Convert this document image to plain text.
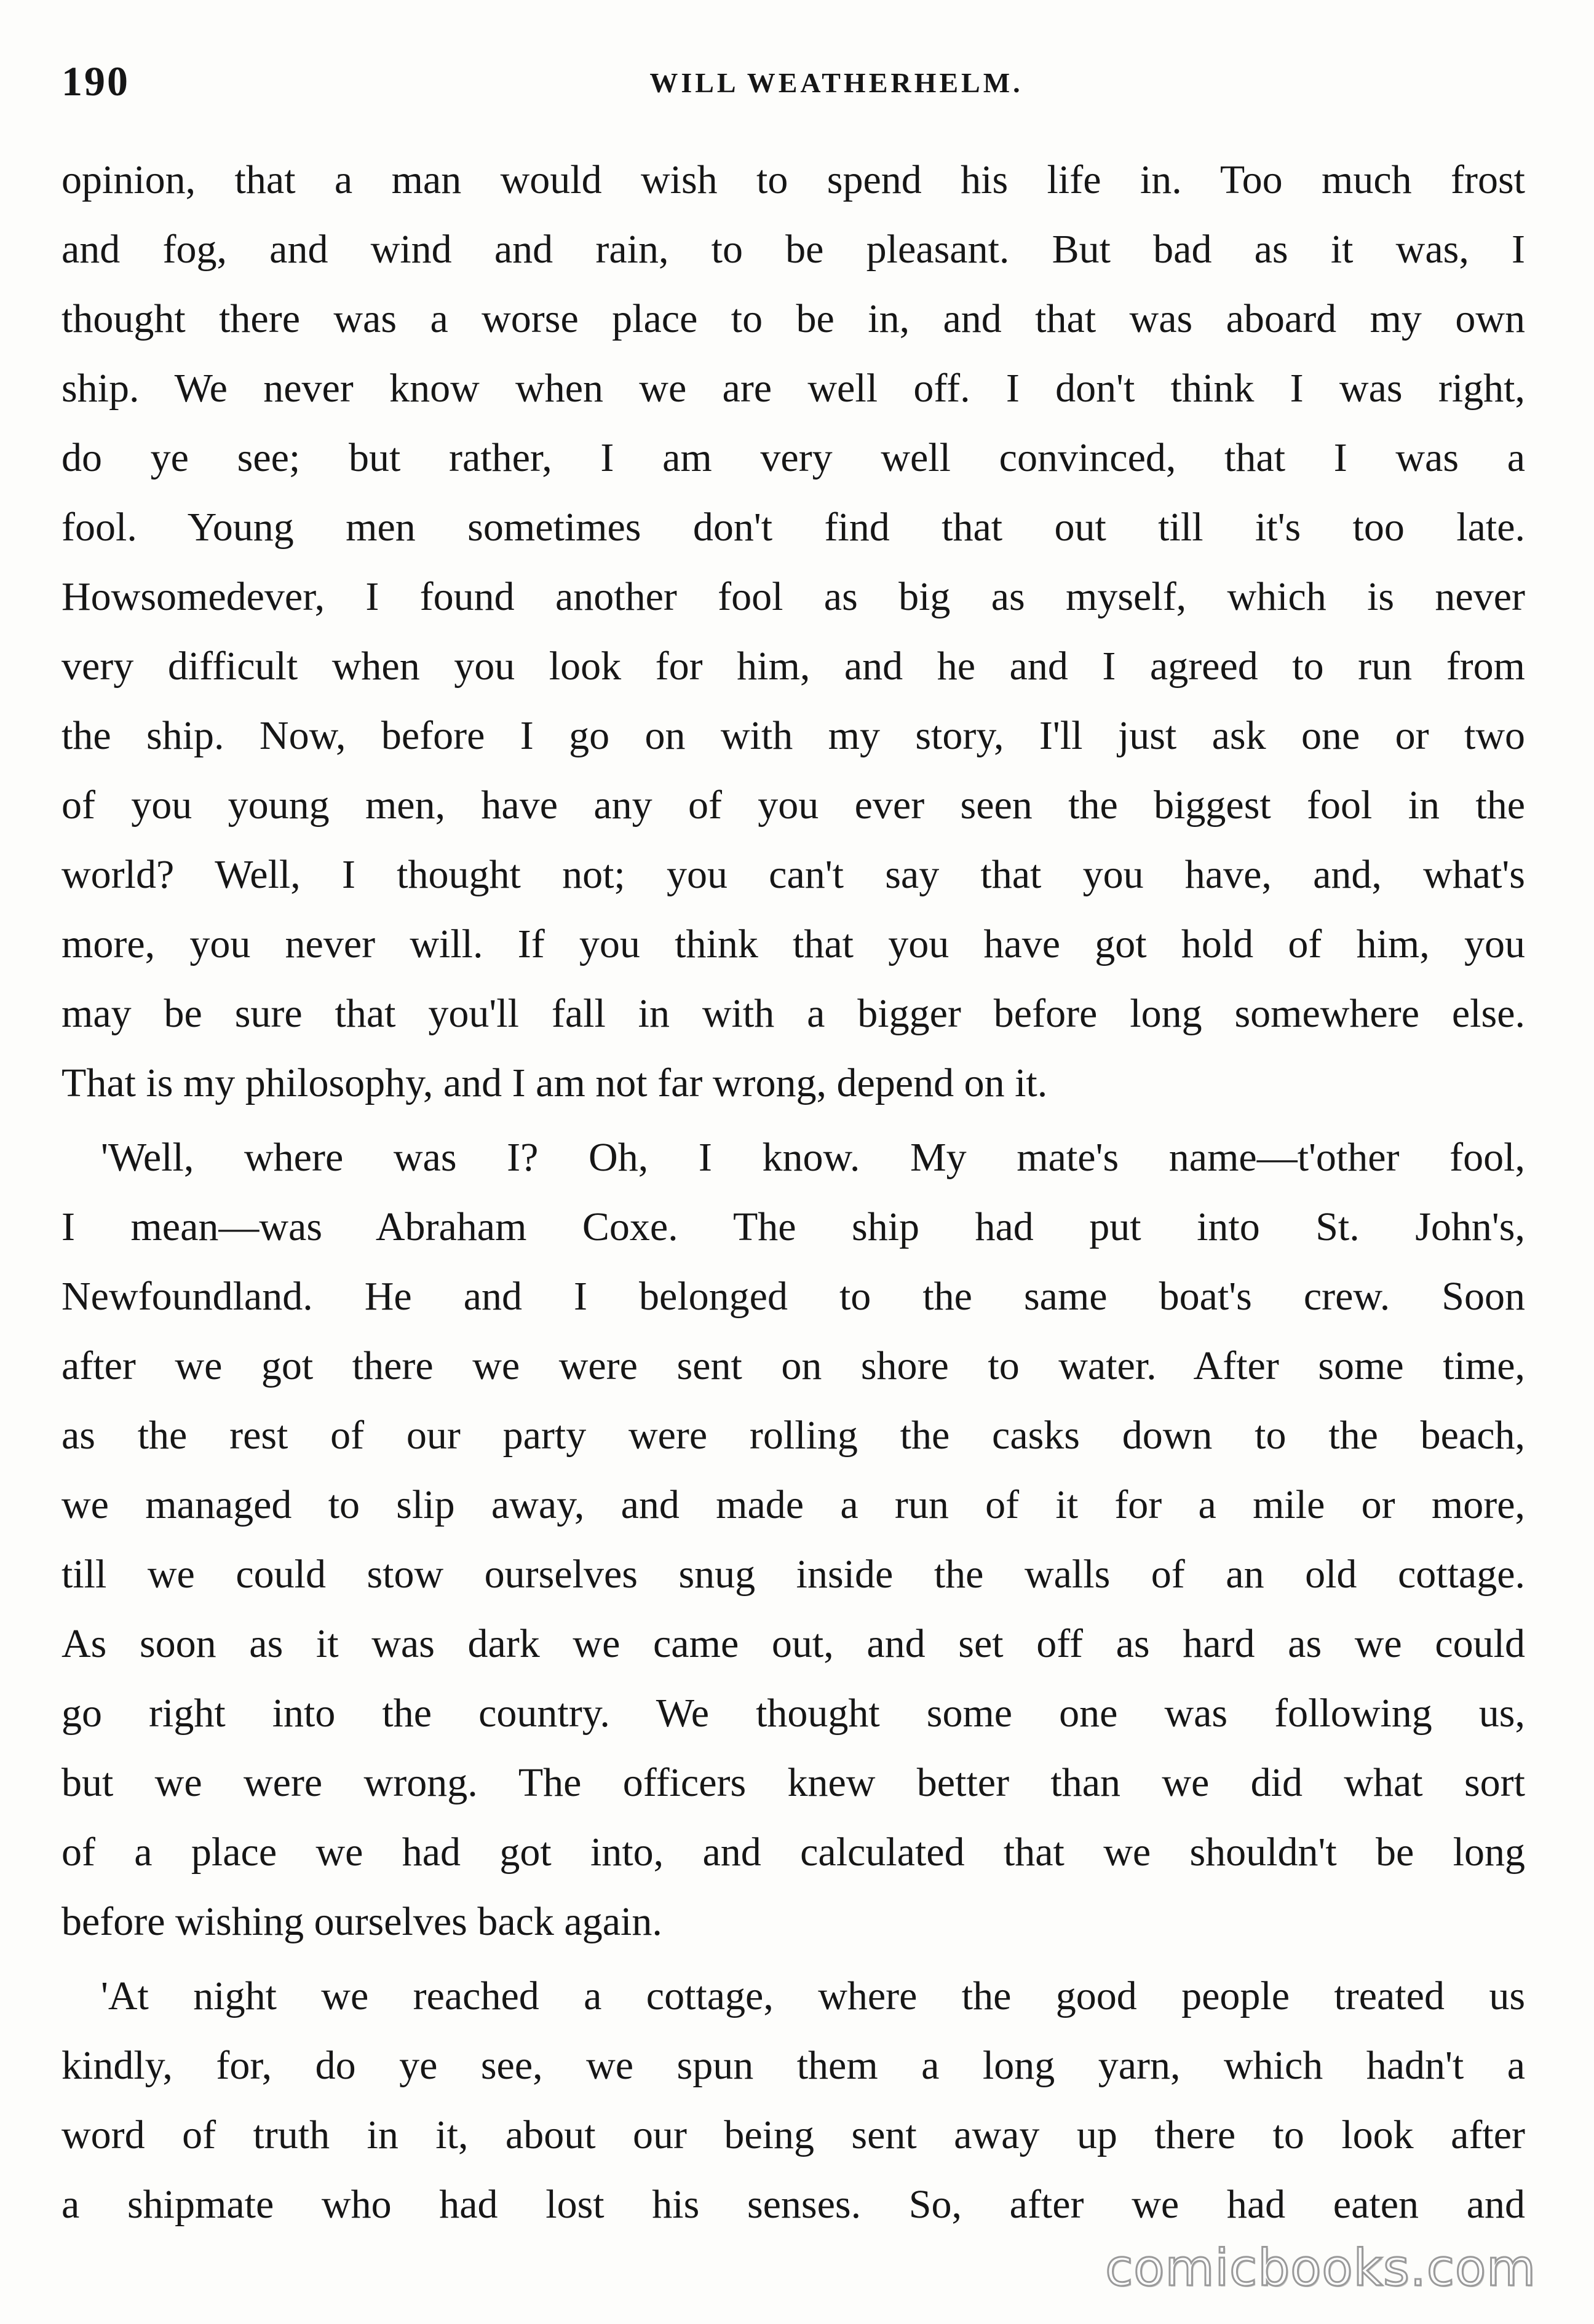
190	WILL WEATHERHELM.

opinion, that a man would wish to spend his life in. Too much frost
and fog, and wind and rain, to be pleasant. But bad as it was, I
thought there was a worse place to be in, and that was aboard my own
ship. We never know when we are well off. I don't think I was right,
do ye see; but rather, I am very well convinced, that I was a
fool. Young men sometimes don't find that out till it's too late.
Howsomedever, I found another fool as big as myself, which is never
very difficult when you look for him, and he and I agreed to run from
the ship. Now, before I go on with my story, I'll just ask one or two
of you young men, have any of you ever seen the biggest fool in the
world? Well, I thought not; you can't say that you have, and, what's
more, you never will. If you think that you have got hold of him, you
may be sure that you'll fall in with a bigger before long somewhere else.
That is my philosophy, and I am not far wrong, depend on it.

'Well, where was I? Oh, I know. My mate's name—t'other fool,
I mean—was Abraham Coxe. The ship had put into St. John's,
Newfoundland. He and I belonged to the same boat's crew. Soon
after we got there we were sent on shore to water. After some time,
as the rest of our party were rolling the casks down to the beach,
we managed to slip away, and made a run of it for a mile or more,
till we could stow ourselves snug inside the walls of an old cottage.
As soon as it was dark we came out, and set off as hard as we could
go right into the country. We thought some one was following us,
but we were wrong. The officers knew better than we did what sort
of a place we had got into, and calculated that we shouldn't be long
before wishing ourselves back again.

'At night we reached a cottage, where the good people treated us
kindly, for, do ye see, we spun them a long yarn, which hadn't a
word of truth in it, about our being sent away up there to look after
a shipmate who had lost his senses. So, after we had eaten and

comicbooks.com
